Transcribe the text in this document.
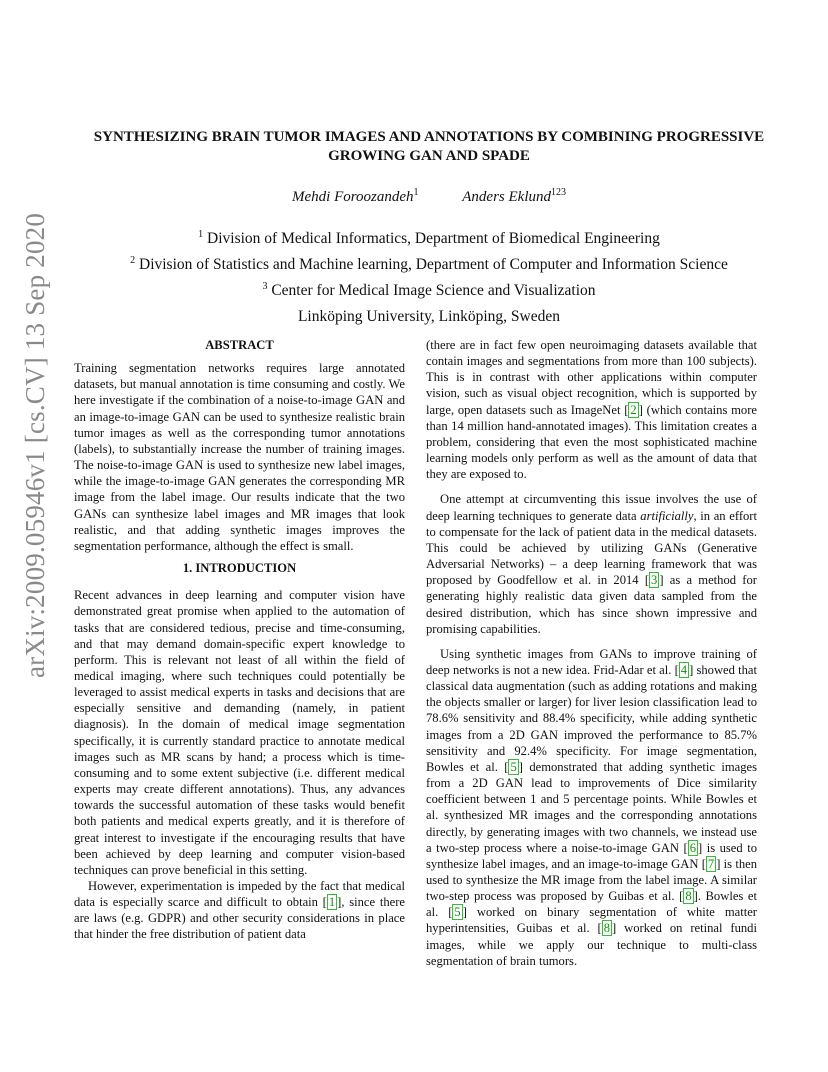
arXiv:2009.05946v1 [cs.CV] 13 Sep 2020
SYNTHESIZING BRAIN TUMOR IMAGES AND ANNOTATIONS BY COMBINING PROGRESSIVE GROWING GAN AND SPADE
Mehdi Foroozandeh$^1$	Anders Eklund$^{123}$
$^1$ Division of Medical Informatics, Department of Biomedical Engineering
$^2$ Division of Statistics and Machine learning, Department of Computer and Information Science
$^3$ Center for Medical Image Science and Visualization
Linköping University, Linköping, Sweden
ABSTRACT

Training segmentation networks requires large annotated datasets, but manual annotation is time consuming and costly. We here investigate if the combination of a noise-to-image GAN and an image-to-image GAN can be used to synthesize realistic brain tumor images as well as the corresponding tumor annotations (labels), to substantially increase the number of training images. The noise-to-image GAN is used to synthesize new label images, while the image-to-image GAN generates the corresponding MR image from the label image. Our results indicate that the two GANs can synthesize label images and MR images that look realistic, and that adding synthetic images improves the segmentation performance, although the effect is small.

1. INTRODUCTION

Recent advances in deep learning and computer vision have demonstrated great promise when applied to the automation of tasks that are considered tedious, precise and time-consuming, and that may demand domain-specific expert knowledge to perform. This is relevant not least of all within the field of medical imaging, where such techniques could potentially be leveraged to assist medical experts in tasks and decisions that are especially sensitive and demanding (namely, in patient diagnosis). In the domain of medical image segmentation specifically, it is currently standard practice to annotate medical images such as MR scans by hand; a process which is time-consuming and to some extent subjective (i.e. different medical experts may create different annotations). Thus, any advances towards the successful automation of these tasks would benefit both patients and medical experts greatly, and it is therefore of great interest to investigate if the encouraging results that have been achieved by deep learning and computer vision-based techniques can prove beneficial in this setting.

However, experimentation is impeded by the fact that medical data is especially scarce and difficult to obtain [ 1 ], since there are laws (e.g. GDPR) and other security considerations in place that hinder the free distribution of patient data

(there are in fact few open neuroimaging datasets available that contain images and segmentations from more than 100 subjects). This is in contrast with other applications within computer vision, such as visual object recognition, which is supported by large, open datasets such as ImageNet [ 2 ] (which contains more than 14 million hand-annotated images). This limitation creates a problem, considering that even the most sophisticated machine learning models only perform as well as the amount of data that they are exposed to.

One attempt at circumventing this issue involves the use of deep learning techniques to generate data artificially, in an effort to compensate for the lack of patient data in the medical datasets. This could be achieved by utilizing GANs (Generative Adversarial Networks) – a deep learning framework that was proposed by Goodfellow et al. in 2014 [ 3 ] as a method for generating highly realistic data given data sampled from the desired distribution, which has since shown impressive and promising capabilities.

Using synthetic images from GANs to improve training of deep networks is not a new idea. Frid-Adar et al. [ 4 ] showed that classical data augmentation (such as adding rotations and making the objects smaller or larger) for liver lesion classification lead to 78.6% sensitivity and 88.4% specificity, while adding synthetic images from a 2D GAN improved the performance to 85.7% sensitivity and 92.4% specificity. For image segmentation, Bowles et al. [ 5 ] demonstrated that adding synthetic images from a 2D GAN lead to improvements of Dice similarity coefficient between 1 and 5 percentage points. While Bowles et al. synthesized MR images and the corresponding annotations directly, by generating images with two channels, we instead use a two-step process where a noise-to-image GAN [ 6 ] is used to synthesize label images, and an image-to-image GAN [ 7 ] is then used to synthesize the MR image from the label image. A similar two-step process was proposed by Guibas et al. [ 8 ]. Bowles et al. [ 5 ] worked on binary segmentation of white matter hyperintensities, Guibas et al. [ 8 ] worked on retinal fundi images, while we apply our technique to multi-class segmentation of brain tumors.
